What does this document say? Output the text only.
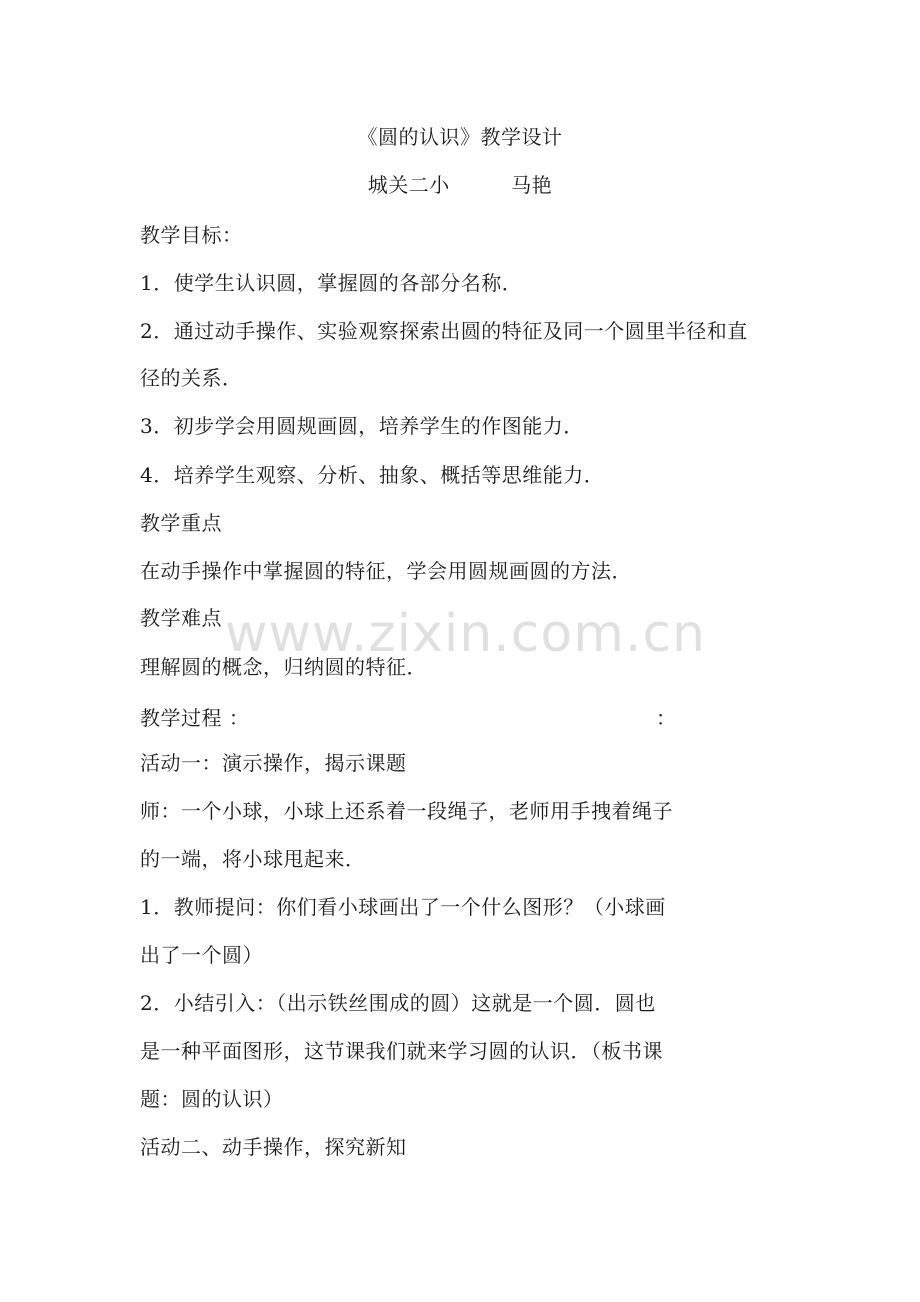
《圆的认识》教学设计
城关二小　　　马艳
教学目标：
1．使学生认识圆，掌握圆的各部分名称．
2．通过动手操作、实验观察探索出圆的特征及同一个圆里半径和直
径的关系．
3．初步学会用圆规画圆，培养学生的作图能力．
4．培养学生观察、分析、抽象、概括等思维能力．
教学重点
在动手操作中掌握圆的特征，学会用圆规画圆的方法．
教学难点
理解圆的概念，归纳圆的特征．
教学过程 ：	：
活动一：演示操作，揭示课题
师：一个小球，小球上还系着一段绳子，老师用手拽着绳子
的一端，将小球甩起来．
1．教师提问：你们看小球画出了一个什么图形？（小球画
出了一个圆）
2．小结引入：（出示铁丝围成的圆）这就是一个圆．圆也
是一种平面图形，这节课我们就来学习圆的认识．（板书课
题：圆的认识）
活动二、动手操作，探究新知
www.zixin.com.cn
